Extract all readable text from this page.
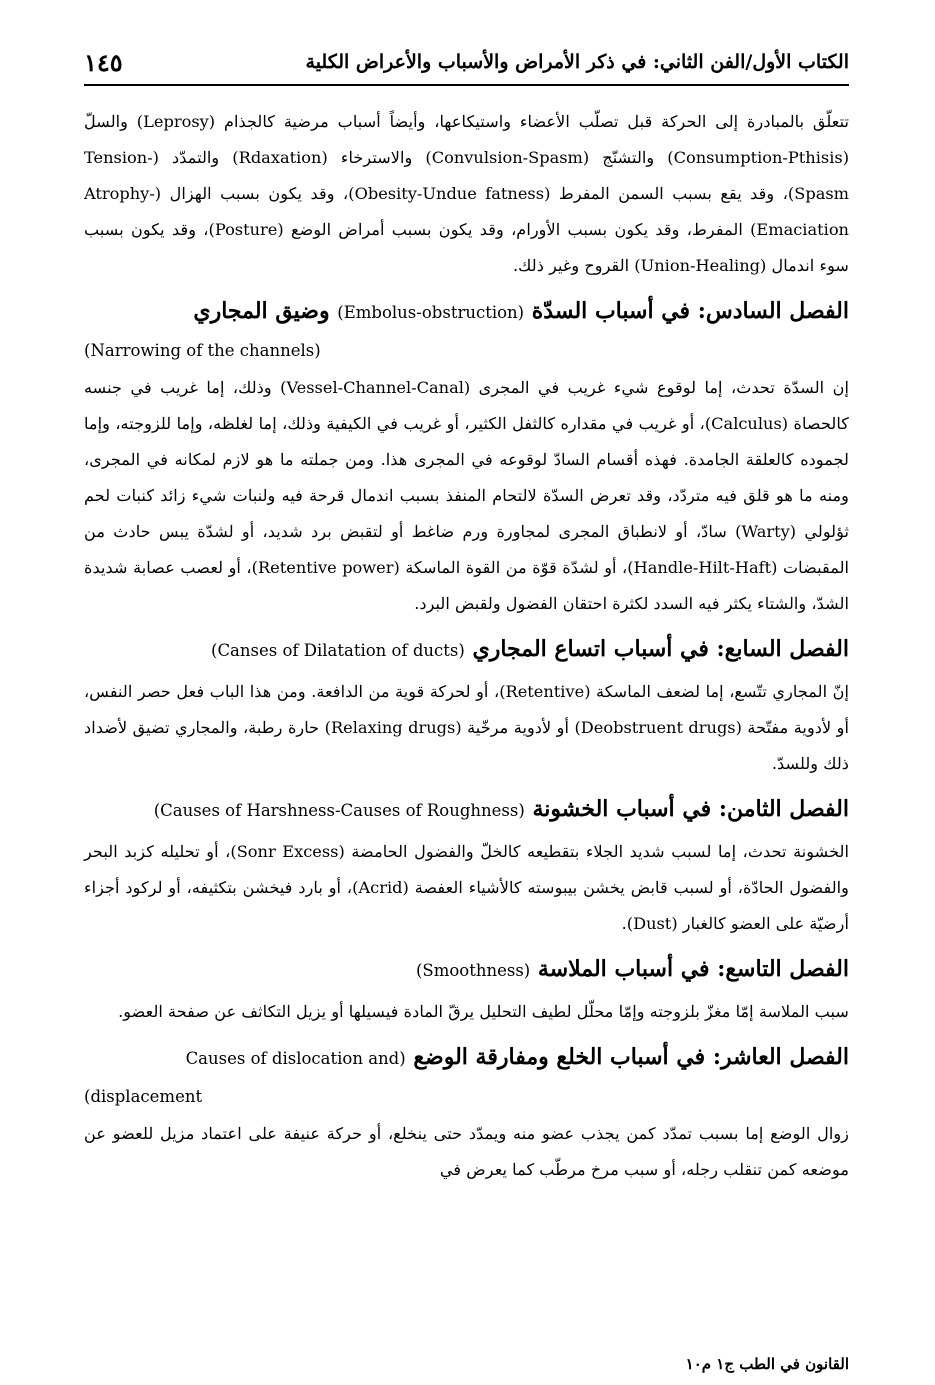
١٤٥	الكتاب الأول/الفن الثاني: في ذكر الأمراض والأسباب والأعراض الكلية

تتعلّق بالمبادرة إلى الحركة قبل تصلّب الأعضاء واستيكاعها، وأيضاً أسباب مرضية كالجذام (Leprosy) والسلّ (Consumption-Pthisis) والتشنّج (Convulsion-Spasm) والاسترخاء (Rdaxation) والتمدّد (Tension-Spasm)، وقد يقع بسبب السمن المفرط (Obesity-Undue fatness)، وقد يكون بسبب الهزال (Atrophy-Emaciation) المفرط، وقد يكون بسبب الأورام، وقد يكون بسبب أمراض الوضع (Posture)، وقد يكون بسبب سوء اندمال (Union-Healing) القروح وغير ذلك.

الفصل السادس: في أسباب السدّة (Embolus-obstruction) وضيق المجاري

(Narrowing of the channels)

إن السدّة تحدث، إما لوقوع شيء غريب في المجرى (Vessel-Channel-Canal) وذلك، إما غريب في جنسه كالحصاة (Calculus)، أو غريب في مقداره كالثفل الكثير، أو غريب في الكيفية وذلك، إما لغلظه، وإما للزوجته، وإما لجموده كالعلقة الجامدة. فهذه أقسام السادّ لوقوعه في المجرى هذا. ومن جملته ما هو لازم لمكانه في المجرى، ومنه ما هو قلق فيه متردّد، وقد تعرض السدّة لالتحام المنفذ بسبب اندمال قرحة فيه ولنبات شيء زائد كنبات لحم ثؤلولي (Warty) سادّ، أو لانطباق المجرى لمجاورة ورم ضاغط أو لتقبض برد شديد، أو لشدّة يبس حادث من المقبضات (Handle-Hilt-Haft)، أو لشدّة قوّة من القوة الماسكة (Retentive power)، أو لعصب عصابة شديدة الشدّ، والشتاء يكثر فيه السدد لكثرة احتقان الفضول ولقبض البرد.

الفصل السابع: في أسباب اتساع المجاري (Canses of Dilatation of ducts)

إنّ المجاري تتّسع، إما لضعف الماسكة (Retentive)، أو لحركة قوية من الدافعة. ومن هذا الباب فعل حصر النفس، أو لأدوية مفتّحة (Deobstruent drugs) أو لأدوية مرخّية (Relaxing drugs) حارة رطبة، والمجاري تضيق لأضداد ذلك وللسدّ.

الفصل الثامن: في أسباب الخشونة (Causes of Harshness-Causes of Roughness)

الخشونة تحدث، إما لسبب شديد الجلاء بتقطيعه كالخلّ والفضول الحامضة (Sonr Excess)، أو تحليله كزبد البحر والفضول الحادّة، أو لسبب قابض يخشن بيبوسته كالأشياء العفصة (Acrid)، أو بارد فيخشن بتكثيفه، أو لركود أجزاء أرضيّة على العضو كالغبار (Dust).

الفصل التاسع: في أسباب الملاسة (Smoothness)

سبب الملاسة إمّا مغزّ بلزوجته وإمّا محلّل لطيف التحليل يرقّ المادة فيسيلها أو يزيل التكاثف عن صفحة العضو.

الفصل العاشر: في أسباب الخلع ومفارقة الوضع (Causes of dislocation and

displacement)

زوال الوضع إما بسبب تمدّد كمن يجذب عضو منه ويمدّد حتى ينخلع، أو حركة عنيفة على اعتماد مزيل للعضو عن موضعه كمن تنقلب رجله، أو سبب مرخ مرطّب كما يعرض في

القانون في الطب ج١ م١٠
